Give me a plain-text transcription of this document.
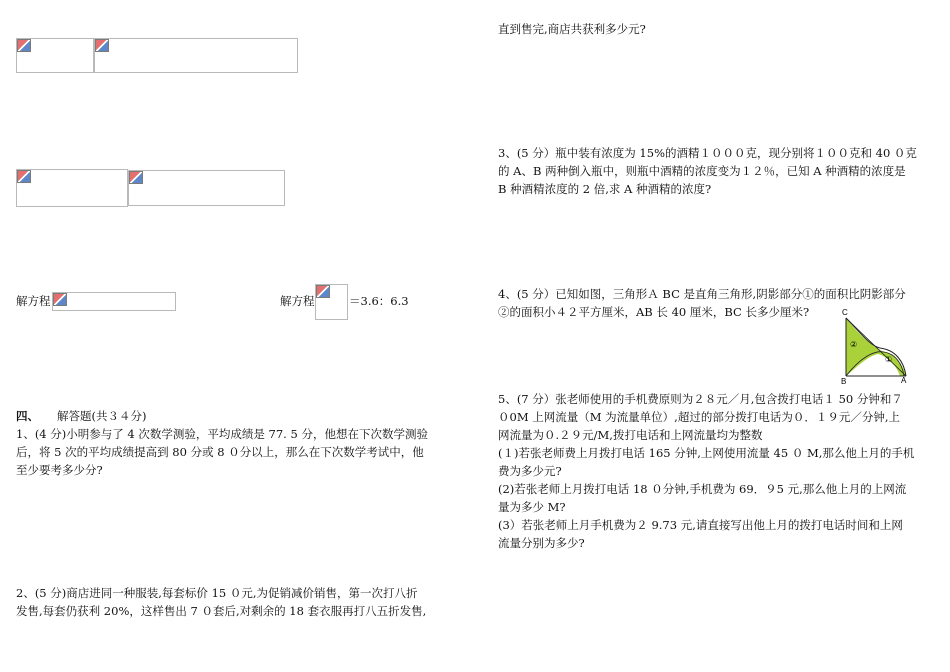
解方程	解方程	＝3.6：6.3
四、 解答题(共３４分)
1、(4 分)小明参与了 4 次数学测验，平均成绩是 77. 5 分，他想在下次数学测验
后，将 5 次的平均成绩提高到 80 分或 8 ０分以上，那么在下次数学考试中，他
至少要考多少分?
2、(5 分)商店进同一种服装,每套标价 15 ０元,为促销减价销售，第一次打八折
发售,每套仍获利 20%，这样售出 7 ０套后,对剩余的 18 套衣服再打八五折发售,
直到售完,商店共获利多少元?
3、(5 分）瓶中装有浓度为 15%的酒精１０００克，现分别将１００克和 40 ０克
的 A、B 两种倒入瓶中，则瓶中酒精的浓度变为１２％，已知 A 种酒精的浓度是
B 种酒精浓度的 2 倍,求 A 种酒精的浓度?
4、(5 分）已知如图，三角形Ａ BC 是直角三角形,阴影部分①的面积比阴影部分
②的面积小４２平方厘米，AB 长 40 厘米，BC 长多少厘米?	C
B	A
②
①
5、(7 分）张老师使用的手机费原则为２８元／月,包含拨打电话１ 50 分钟和７
０0M 上网流量（M 为流量单位）,超过的部分拨打电话为０．１９元／分钟,上
网流量为０.２９元/M,拨打电话和上网流量均为整数
(１)若张老师费上月拨打电话 165 分钟,上网使用流量 45 ０ M,那么他上月的手机
费为多少元?
(2)若张老师上月拨打电话 18 ０分钟,手机费为 69．９5 元,那么他上月的上网流
量为多少 M?
(3）若张老师上月手机费为２ 9.73 元,请直接写出他上月的拨打电话时间和上网
流量分别为多少?
